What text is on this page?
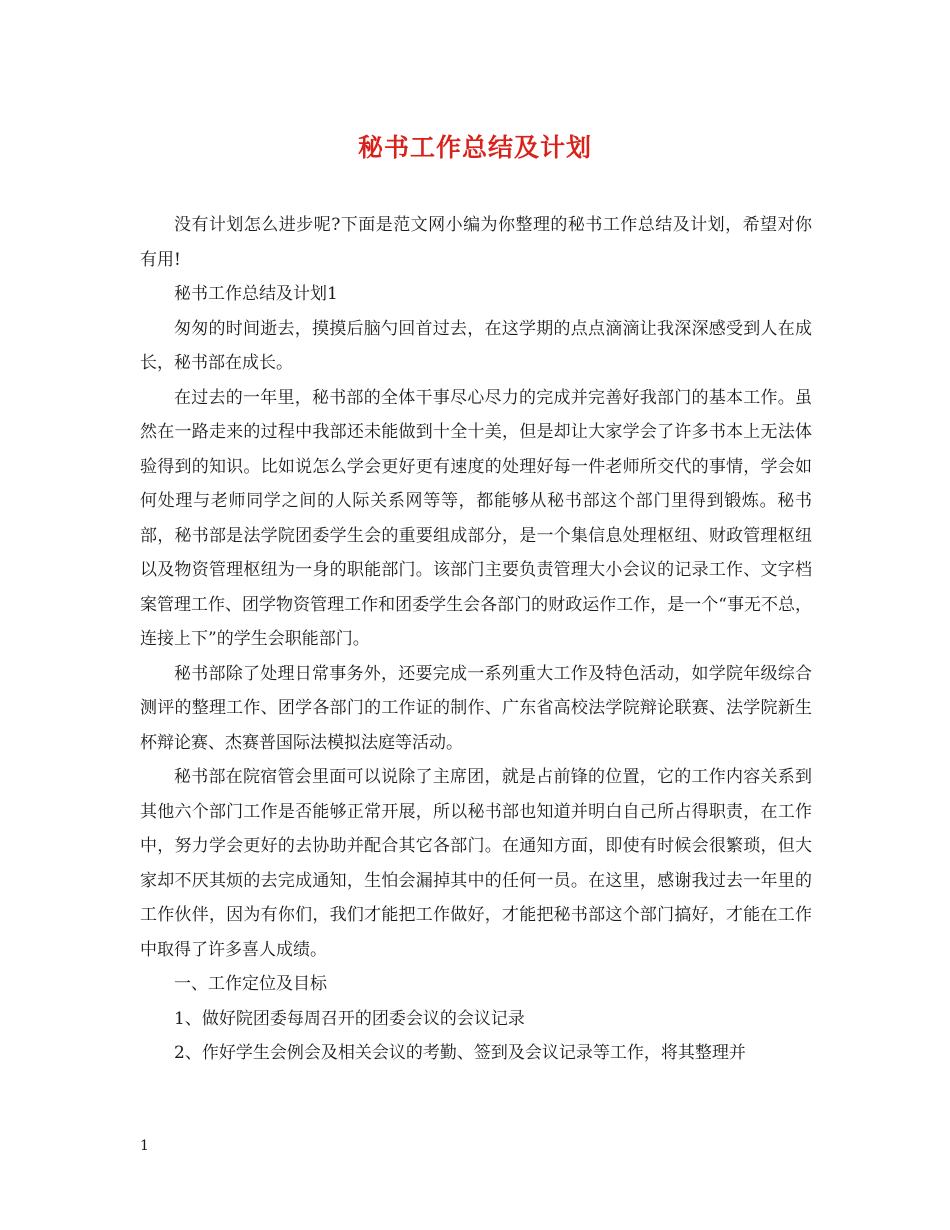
秘书工作总结及计划

没有计划怎么进步呢?下面是范文网小编为你整理的秘书工作总结及计划，希望对你有用!

秘书工作总结及计划1

匆匆的时间逝去，摸摸后脑勺回首过去，在这学期的点点滴滴让我深深感受到人在成长，秘书部在成长。

在过去的一年里，秘书部的全体干事尽心尽力的完成并完善好我部门的基本工作。虽然在一路走来的过程中我部还未能做到十全十美，但是却让大家学会了许多书本上无法体验得到的知识。比如说怎么学会更好更有速度的处理好每一件老师所交代的事情，学会如何处理与老师同学之间的人际关系网等等，都能够从秘书部这个部门里得到锻炼。秘书部，秘书部是法学院团委学生会的重要组成部分，是一个集信息处理枢纽、财政管理枢纽以及物资管理枢纽为一身的职能部门。该部门主要负责管理大小会议的记录工作、文字档案管理工作、团学物资管理工作和团委学生会各部门的财政运作工作，是一个“事无不总，连接上下”的学生会职能部门。

秘书部除了处理日常事务外，还要完成一系列重大工作及特色活动，如学院年级综合测评的整理工作、团学各部门的工作证的制作、广东省高校法学院辩论联赛、法学院新生杯辩论赛、杰赛普国际法模拟法庭等活动。

秘书部在院宿管会里面可以说除了主席团，就是占前锋的位置，它的工作内容关系到其他六个部门工作是否能够正常开展，所以秘书部也知道并明白自己所占得职责，在工作中，努力学会更好的去协助并配合其它各部门。在通知方面，即使有时候会很繁琐，但大家却不厌其烦的去完成通知，生怕会漏掉其中的任何一员。在这里，感谢我过去一年里的工作伙伴，因为有你们，我们才能把工作做好，才能把秘书部这个部门搞好，才能在工作中取得了许多喜人成绩。

一、工作定位及目标

1、做好院团委每周召开的团委会议的会议记录

2、作好学生会例会及相关会议的考勤、签到及会议记录等工作，将其整理并

1
